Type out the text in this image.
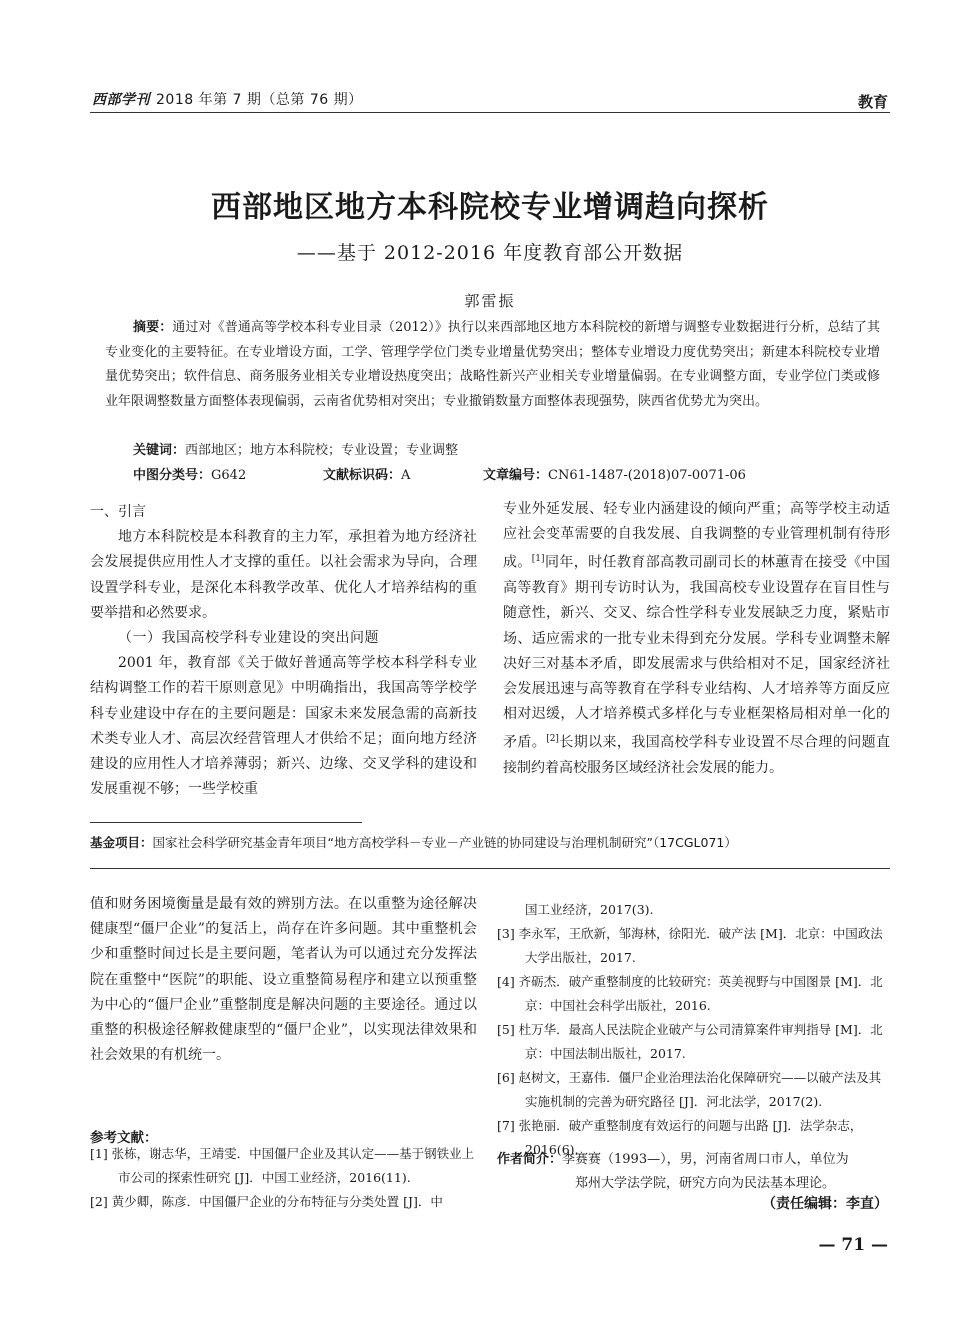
西部学刊 2018 年第 7 期（总第 76 期）	教育
西部地区地方本科院校专业增调趋向探析
——基于 2012-2016 年度教育部公开数据
郭雷振
摘要：通过对《普通高等学校本科专业目录（2012）》执行以来西部地区地方本科院校的新增与调整专业数据进行分析，总结了其专业变化的主要特征。在专业增设方面，工学、管理学学位门类专业增量优势突出；整体专业增设力度优势突出；新建本科院校专业增量优势突出；软件信息、商务服务业相关专业增设热度突出；战略性新兴产业相关专业增量偏弱。在专业调整方面，专业学位门类或修业年限调整数量方面整体表现偏弱，云南省优势相对突出；专业撤销数量方面整体表现强势，陕西省优势尤为突出。
关键词：西部地区；地方本科院校；专业设置；专业调整
中图分类号：G642	文献标识码：A	文章编号：CN61-1487-(2018)07-0071-06

一、引言

地方本科院校是本科教育的主力军，承担着为地方经济社会发展提供应用性人才支撑的重任。以社会需求为导向，合理设置学科专业，是深化本科教学改革、优化人才培养结构的重要举措和必然要求。

（一）我国高校学科专业建设的突出问题

2001 年，教育部《关于做好普通高等学校本科学科专业结构调整工作的若干原则意见》中明确指出，我国高等学校学科专业建设中存在的主要问题是：国家未来发展急需的高新技术类专业人才、高层次经营管理人才供给不足；面向地方经济建设的应用性人才培养薄弱；新兴、边缘、交叉学科的建设和发展重视不够；一些学校重

专业外延发展、轻专业内涵建设的倾向严重；高等学校主动适应社会变革需要的自我发展、自我调整的专业管理机制有待形成。[1]同年，时任教育部高教司副司长的林蕙青在接受《中国高等教育》期刊专访时认为，我国高校专业设置存在盲目性与随意性，新兴、交叉、综合性学科专业发展缺乏力度，紧贴市场、适应需求的一批专业未得到充分发展。学科专业调整未解决好三对基本矛盾，即发展需求与供给相对不足，国家经济社会发展迅速与高等教育在学科专业结构、人才培养等方面反应相对迟缓，人才培养模式多样化与专业框架格局相对单一化的矛盾。[2]长期以来，我国高校学科专业设置不尽合理的问题直接制约着高校服务区域经济社会发展的能力。

基金项目：国家社会科学研究基金青年项目“地方高校学科－专业－产业链的协同建设与治理机制研究”（17CGL071）

值和财务困境衡量是最有效的辨别方法。在以重整为途径解决健康型“僵尸企业”的复活上，尚存在许多问题。其中重整机会少和重整时间过长是主要问题，笔者认为可以通过充分发挥法院在重整中“医院”的职能、设立重整简易程序和建立以预重整为中心的“僵尸企业”重整制度是解决问题的主要途径。通过以重整的积极途径解救健康型的“僵尸企业”，以实现法律效果和社会效果的有机统一。

参考文献：
[1] 张栋，谢志华，王靖雯．中国僵尸企业及其认定——基于钢铁业上市公司的探索性研究 [J]．中国工业经济，2016(11).
[2] 黄少卿，陈彦．中国僵尸企业的分布特征与分类处置 [J]．中
国工业经济，2017(3).
[3] 李永军，王欣新，邹海林，徐阳光．破产法 [M]．北京：中国政法大学出版社，2017.
[4] 齐砺杰．破产重整制度的比较研究：英美视野与中国图景 [M]．北京：中国社会科学出版社，2016.
[5] 杜万华．最高人民法院企业破产与公司清算案件审判指导 [M]．北京：中国法制出版社，2017.
[6] 赵树文，王嘉伟．僵尸企业治理法治化保障研究——以破产法及其实施机制的完善为研究路径 [J]．河北法学，2017(2).
[7] 张艳丽．破产重整制度有效运行的问题与出路 [J]．法学杂志，2016(6).
作者简介：李赛赛（1993—），男，河南省周口市人，单位为
郑州大学法学院，研究方向为民法基本理论。
（责任编辑：李直）
— 71 —
